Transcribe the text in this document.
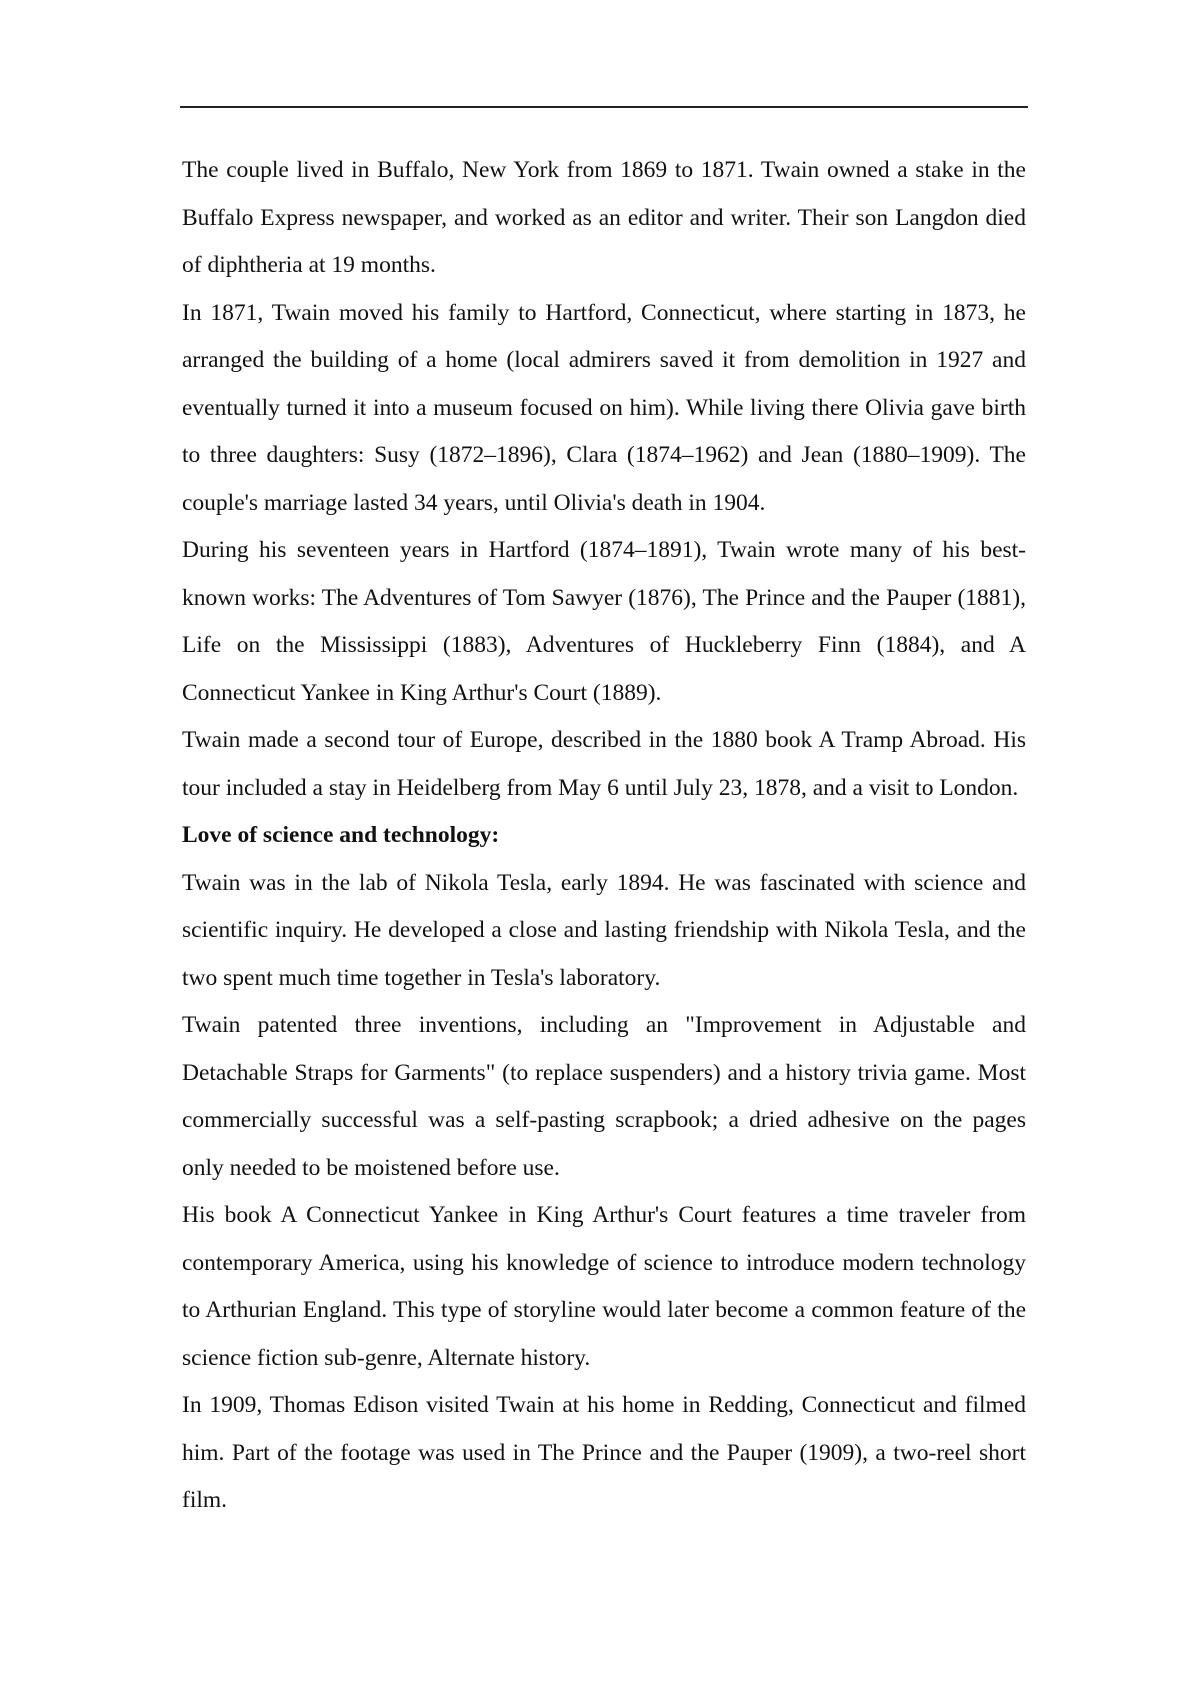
The couple lived in Buffalo, New York from 1869 to 1871. Twain owned a stake in the Buffalo Express newspaper, and worked as an editor and writer. Their son Langdon died of diphtheria at 19 months.

In 1871, Twain moved his family to Hartford, Connecticut, where starting in 1873, he arranged the building of a home (local admirers saved it from demolition in 1927 and eventually turned it into a museum focused on him). While living there Olivia gave birth to three daughters: Susy (1872–1896), Clara (1874–1962) and Jean (1880–1909). The couple's marriage lasted 34 years, until Olivia's death in 1904.

During his seventeen years in Hartford (1874–1891), Twain wrote many of his best-known works: The Adventures of Tom Sawyer (1876), The Prince and the Pauper (1881), Life on the Mississippi (1883), Adventures of Huckleberry Finn (1884), and A Connecticut Yankee in King Arthur's Court (1889).

Twain made a second tour of Europe, described in the 1880 book A Tramp Abroad. His tour included a stay in Heidelberg from May 6 until July 23, 1878, and a visit to London.

Love of science and technology:

Twain was in the lab of Nikola Tesla, early 1894. He was fascinated with science and scientific inquiry. He developed a close and lasting friendship with Nikola Tesla, and the two spent much time together in Tesla's laboratory.

Twain patented three inventions, including an "Improvement in Adjustable and Detachable Straps for Garments" (to replace suspenders) and a history trivia game. Most commercially successful was a self-pasting scrapbook; a dried adhesive on the pages only needed to be moistened before use.

His book A Connecticut Yankee in King Arthur's Court features a time traveler from contemporary America, using his knowledge of science to introduce modern technology to Arthurian England. This type of storyline would later become a common feature of the science fiction sub-genre, Alternate history.

In 1909, Thomas Edison visited Twain at his home in Redding, Connecticut and filmed him. Part of the footage was used in The Prince and the Pauper (1909), a two-reel short film.
